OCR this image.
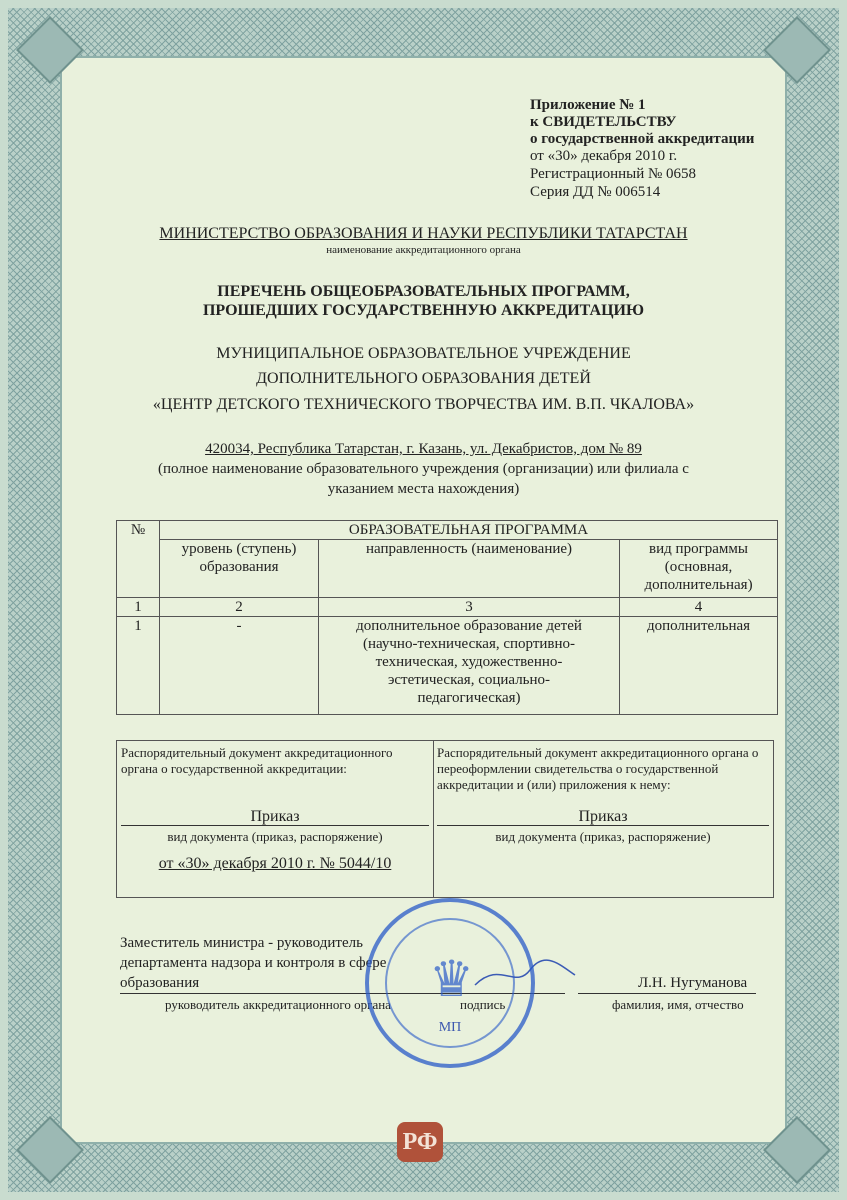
Приложение № 1
к СВИДЕТЕЛЬСТВУ
о государственной аккредитации
от «30» декабря 2010 г.
Регистрационный № 0658
Серия ДД № 006514
МИНИСТЕРСТВО ОБРАЗОВАНИЯ И НАУКИ РЕСПУБЛИКИ ТАТАРСТАН
наименование аккредитационного органа
ПЕРЕЧЕНЬ ОБЩЕОБРАЗОВАТЕЛЬНЫХ ПРОГРАММ,
ПРОШЕДШИХ ГОСУДАРСТВЕННУЮ АККРЕДИТАЦИЮ
МУНИЦИПАЛЬНОЕ ОБРАЗОВАТЕЛЬНОЕ УЧРЕЖДЕНИЕ
ДОПОЛНИТЕЛЬНОГО ОБРАЗОВАНИЯ ДЕТЕЙ
«ЦЕНТР ДЕТСКОГО ТЕХНИЧЕСКОГО ТВОРЧЕСТВА ИМ. В.П. ЧКАЛОВА»
420034, Республика Татарстан, г. Казань, ул. Декабристов, дом № 89
(полное наименование образовательного учреждения (организации) или филиала с
указанием места нахождения)
№	ОБРАЗОВАТЕЛЬНАЯ ПРОГРАММА		
	уровень (ступень) образования	направленность (наименование)	вид программы (основная, дополнительная)
1	2	3	4
1	-	дополнительное образование детей (научно-техническая, спортивно-техническая, художественно-эстетическая, социально-педагогическая)	дополнительная
Распорядительный документ аккредитационного органа о государственной аккредитации:
Приказ
вид документа (приказ, распоряжение)
от «30» декабря 2010 г. № 5044/10
Распорядительный документ аккредитационного органа о переоформлении свидетельства о государственной аккредитации и (или) приложения к нему:
Приказ
вид документа (приказ, распоряжение)
Заместитель министра - руководитель
департамента надзора и контроля в сфере
образования
руководитель аккредитационного органа	подпись
Л.Н. Нугуманова
фамилия, имя, отчество
♛
МП
РФ
